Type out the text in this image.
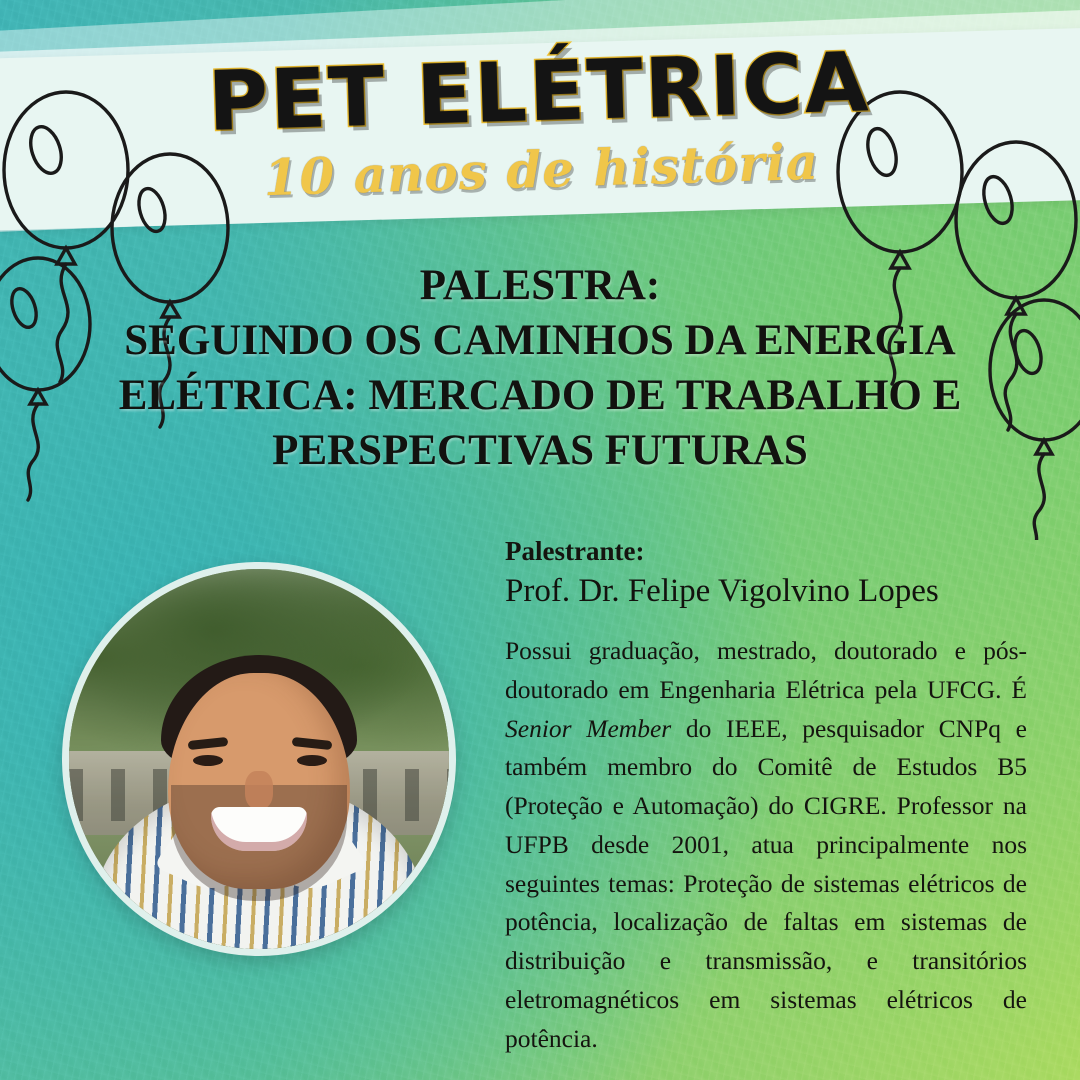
PET ELÉTRICA
10 anos de história
PALESTRA:
SEGUINDO OS CAMINHOS DA ENERGIA
ELÉTRICA: MERCADO DE TRABALHO E
PERSPECTIVAS FUTURAS

Palestrante:

Prof. Dr. Felipe Vigolvino Lopes

Possui graduação, mestrado, doutorado e pós-doutorado em Engenharia Elétrica pela UFCG. É Senior Member do IEEE, pesquisador CNPq e também membro do Comitê de Estudos B5 (Proteção e Automação) do CIGRE. Professor na UFPB desde 2001, atua principalmente nos seguintes temas: Proteção de sistemas elétricos de potência, localização de faltas em sistemas de distribuição e transmissão, e transitórios eletromagnéticos em sistemas elétricos de potência.
